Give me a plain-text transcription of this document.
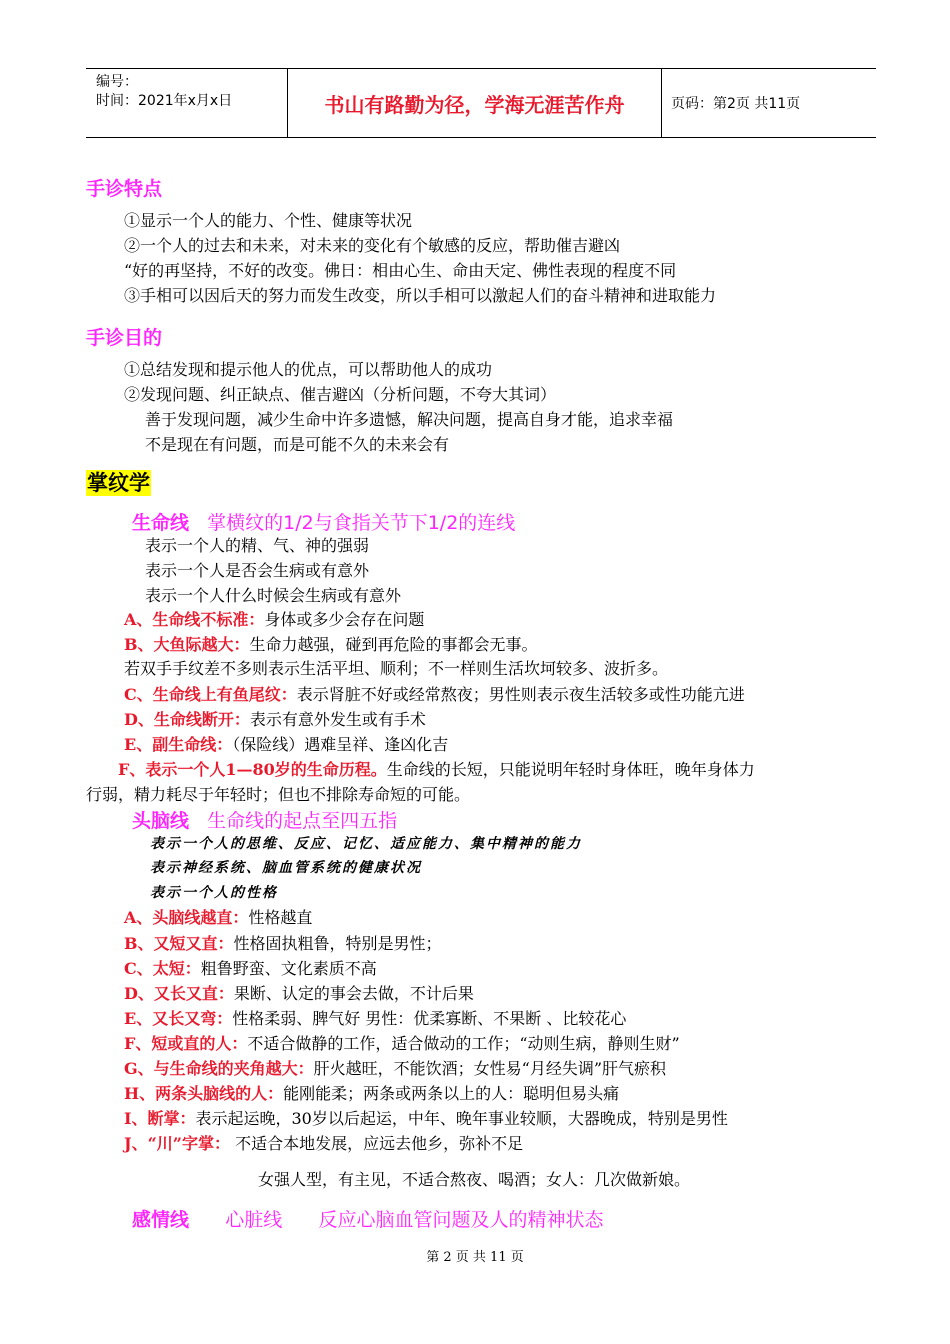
编号：
时间：2021年x月x日	书山有路勤为径，学海无涯苦作舟	页码：第2页 共11页
手诊特点
①显示一个人的能力、个性、健康等状况
②一个人的过去和未来，对未来的变化有个敏感的反应，帮助催吉避凶
“好的再坚持，不好的改变。佛日：相由心生、命由天定、佛性表现的程度不同
③手相可以因后天的努力而发生改变，所以手相可以激起人们的奋斗精神和进取能力
手诊目的
①总结发现和提示他人的优点，可以帮助他人的成功
②发现问题、纠正缺点、催吉避凶（分析问题，不夸大其词）
善于发现问题，减少生命中许多遗憾，解决问题，提高自身才能，追求幸福
不是现在有问题，而是可能不久的未来会有
掌纹学
生命线 掌横纹的1/2与食指关节下1/2的连线
表示一个人的精、气、神的强弱
表示一个人是否会生病或有意外
表示一个人什么时候会生病或有意外
A、生命线不标准：身体或多少会存在问题
B、大鱼际越大：生命力越强，碰到再危险的事都会无事。
若双手手纹差不多则表示生活平坦、顺利；不一样则生活坎坷较多、波折多。
C、生命线上有鱼尾纹：表示肾脏不好或经常熬夜；男性则表示夜生活较多或性功能亢进
D、生命线断开：表示有意外发生或有手术
E、副生命线：（保险线）遇难呈祥、逢凶化吉
F、表示一个人1—80岁的生命历程。生命线的长短，只能说明年轻时身体旺，晚年身体力
行弱，精力耗尽于年轻时；但也不排除寿命短的可能。
头脑线 生命线的起点至四五指
表示一个人的思维、反应、记忆、适应能力、集中精神的能力
表示神经系统、脑血管系统的健康状况
表示一个人的性格
A、头脑线越直：性格越直
B、又短又直：性格固执粗鲁，特别是男性；
C、太短：粗鲁野蛮、文化素质不高
D、又长又直：果断、认定的事会去做，不计后果
E、又长又弯：性格柔弱、脾气好 男性：优柔寡断、不果断 、比较花心
F、短或直的人：不适合做静的工作，适合做动的工作；“动则生病，静则生财”
G、与生命线的夹角越大：肝火越旺，不能饮酒；女性易“月经失调”肝气瘀积
H、两条头脑线的人：能刚能柔；两条或两条以上的人：聪明但易头痛
I、断掌：表示起运晚，30岁以后起运，中年、晚年事业较顺，大器晚成，特别是男性
J、“川”字掌： 不适合本地发展，应远去他乡，弥补不足
女强人型，有主见，不适合熬夜、喝酒；女人：几次做新娘。
感情线 心脏线 反应心脑血管问题及人的精神状态
第 2 页 共 11 页
